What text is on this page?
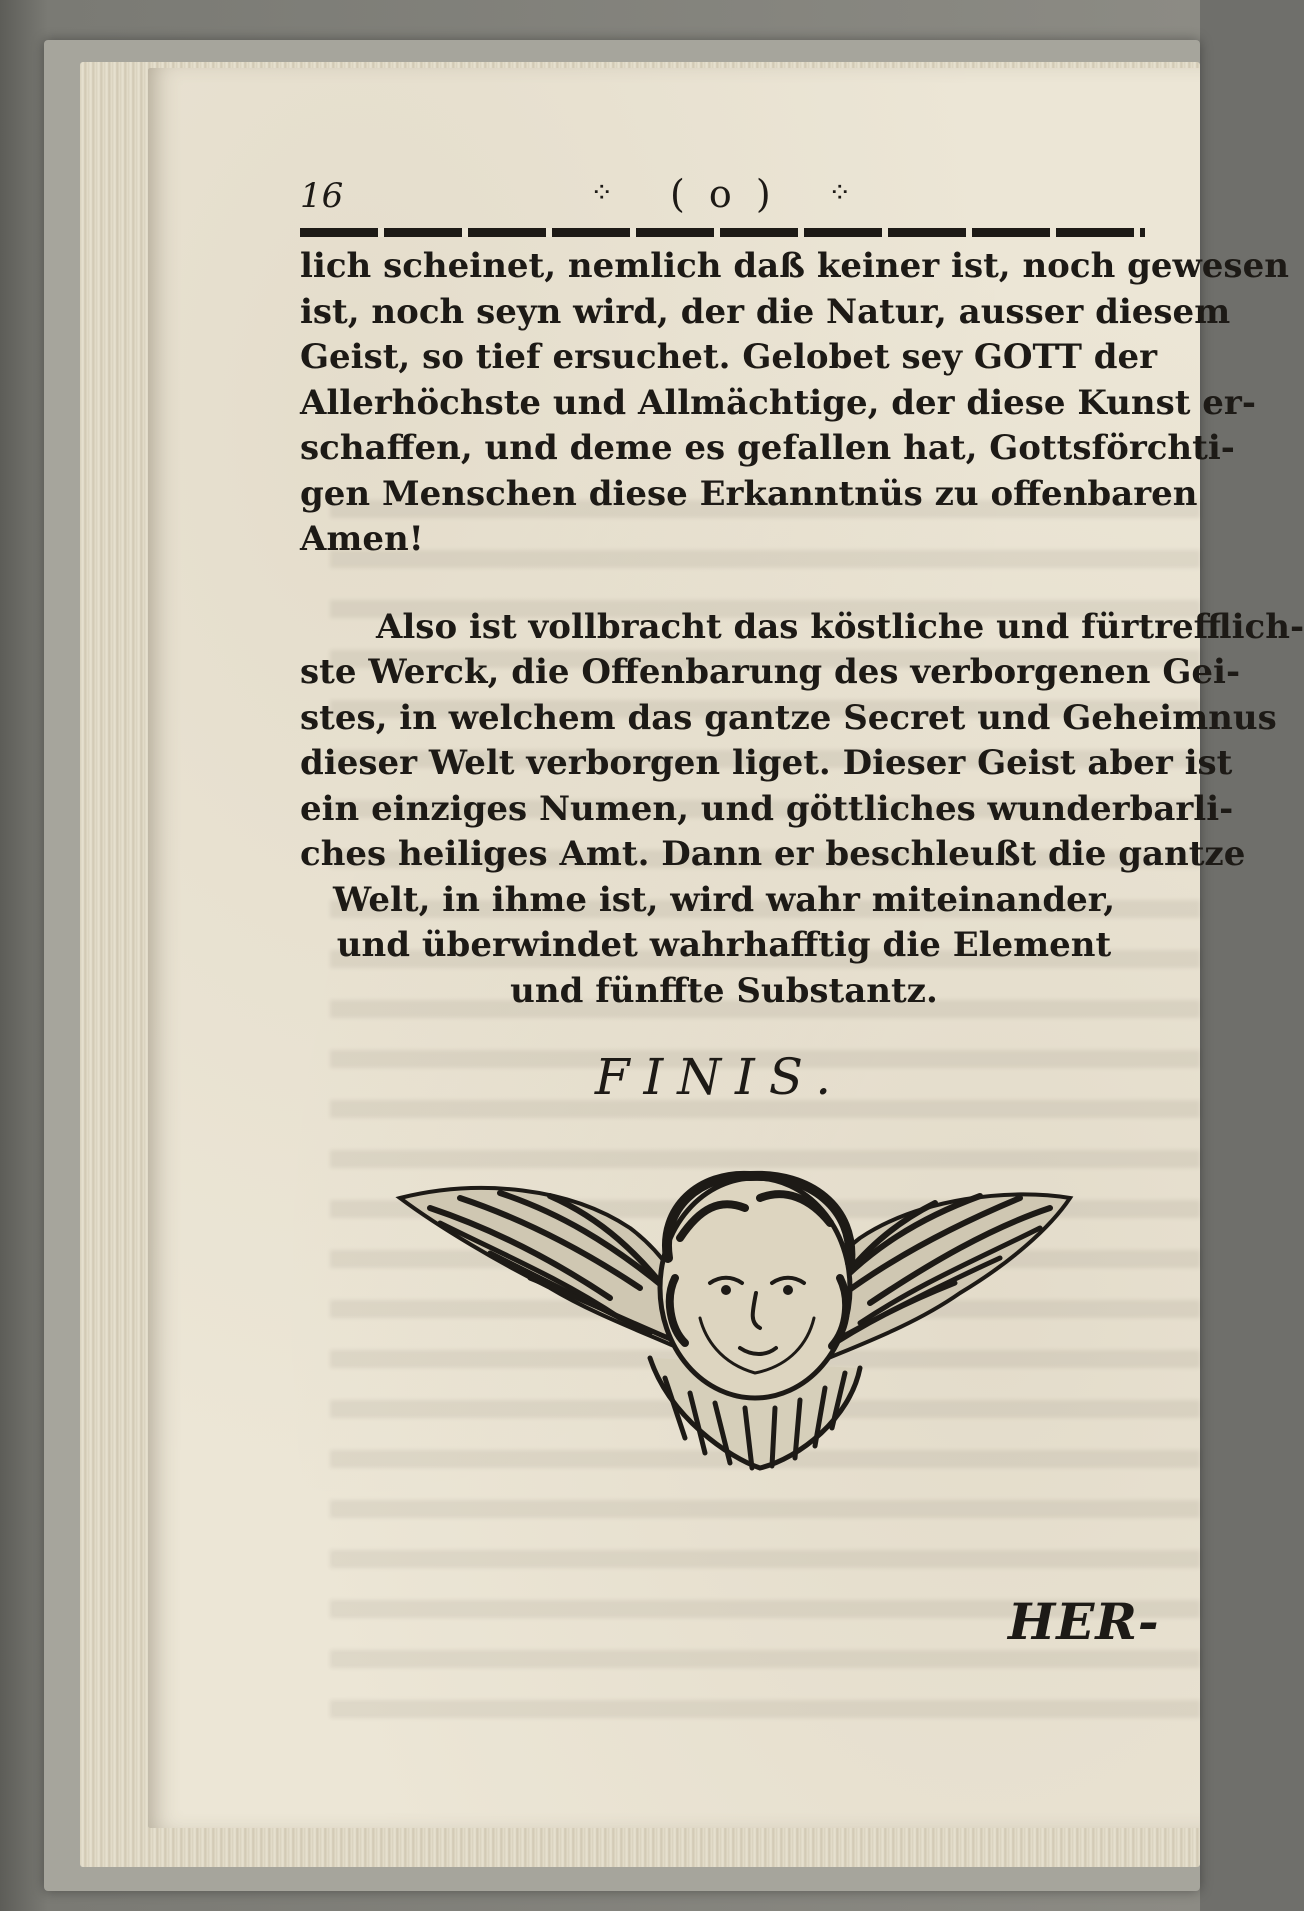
16	⁘ ( o ) ⁘

lich scheinet, nemlich daß keiner ist, noch gewesen
ist, noch seyn wird, der die Natur, ausser diesem
Geist, so tief ersuchet. Gelobet sey GOTT der
Allerhöchste und Allmächtige, der diese Kunst er-
schaffen, und deme es gefallen hat, Gottsförchti-
gen Menschen diese Erkanntnüs zu offenbaren
Amen!

Also ist vollbracht das köstliche und fürtrefflich-
ste Werck, die Offenbarung des verborgenen Gei-
stes, in welchem das gantze Secret und Geheimnus
dieser Welt verborgen liget. Dieser Geist aber ist
ein einziges Numen, und göttliches wunderbarli-
ches heiliges Amt. Dann er beschleußt die gantze
Welt, in ihme ist, wird wahr miteinander,
und überwindet wahrhafftig die Element
und fünffte Substantz.

FINIS.
HER-
